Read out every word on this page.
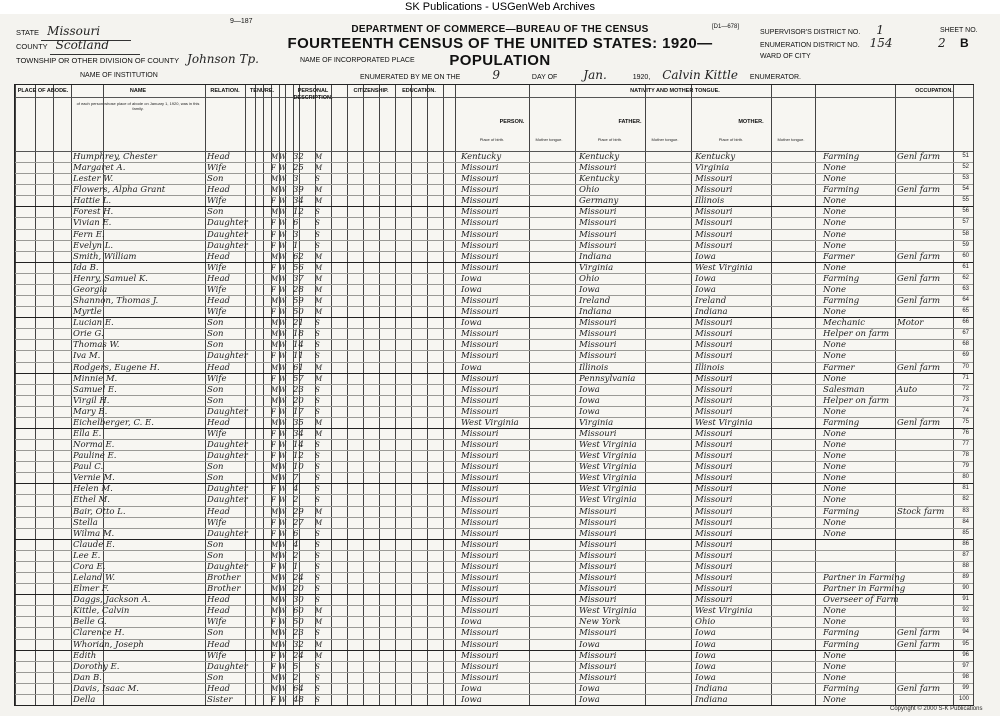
SK Publications - USGenWeb Archives
9—187
STATE Missouri
COUNTY Scotland
TOWNSHIP OR OTHER DIVISION OF COUNTY Johnson Tp.
NAME OF INSTITUTION
DEPARTMENT OF COMMERCE—BUREAU OF THE CENSUS
FOURTEENTH CENSUS OF THE UNITED STATES: 1920—POPULATION
[D1—678]
NAME OF INCORPORATED PLACE
ENUMERATED BY ME ON THE	9	DAY OF Jan.	1920, Calvin Kittle ENUMERATOR.
SUPERVISOR'S DISTRICT NO. 1	SHEET NO.
ENUMERATION DISTRICT NO. 154	2 B
WARD OF CITY
PLACE OF ABODE.	NAME	RELATION.	TENURE.	PERSONAL DESCRIPTION.
CITIZENSHIP.	EDUCATION.	NATIVITY AND MOTHER TONGUE.	OCCUPATION.
of each person whose place of abode on January 1, 1920, was in this family.
PERSON.	FATHER.	MOTHER.
Place of birth.	Mother tongue.	Place of birth.	Mother tongue.	Place of birth.	Mother tongue.
51
Humphrey, Chester	Head	M W 32	M	Kentucky	Kentucky	Kentucky	Farming	Genl farm
52
Margaret A.	Wife	F W 25	M	Missouri	Missouri	Virginia	None
53
Lester W.	Son	M W 3	S	Missouri	Kentucky	Missouri	None
54
Flowers, Alpha Grant	Head	M W 39	M	Missouri	Ohio	Missouri	Farming	Genl farm
55
Hattie L.	Wife	F W 34	M	Missouri	Germany	Illinois	None
56
Forest H.	Son	M W 12	S	Missouri	Missouri	Missouri	None
57
Vivian E.	Daughter	F W 6	S	Missouri	Missouri	Missouri	None
58
Fern E.	Daughter	F W 3	S	Missouri	Missouri	Missouri	None
59
Evelyn L.	Daughter	F W 1	S	Missouri	Missouri	Missouri	None
60
Smith, William	Head	M W 62	M	Missouri	Indiana	Iowa	Farmer	Genl farm
61
Ida B.	Wife	F W 56	M	Missouri	Virginia	West Virginia	None
62
Henry, Samuel K.	Head	M W 37	M	Iowa	Ohio	Iowa	Farming	Genl farm
63
Georgia	Wife	F W 28	M	Iowa	Iowa	Iowa	None
64
Shannon, Thomas J.	Head	M W 59	M	Missouri	Ireland	Ireland	Farming	Genl farm
65
Myrtle	Wife	F W 50	M	Missouri	Indiana	Indiana	None
66
Lucian E.	Son	M W 21	S	Iowa	Missouri	Missouri	Mechanic	Motor
67
Orie G.	Son	M W 18	S	Missouri	Missouri	Missouri	Helper on farm
68
Thomas W.	Son	M W 14	S	Missouri	Missouri	Missouri	None
69
Iva M.	Daughter	F W 11	S	Missouri	Missouri	Missouri	None
70
Rodgers, Eugene H.	Head	M W 61	M	Iowa	Illinois	Illinois	Farmer	Genl farm
71
Minnie M.	Wife	F W 57	M	Missouri	Pennsylvania	Missouri	None
72
Samuel E.	Son	M W 23	S	Missouri	Iowa	Missouri	Salesman	Auto
73
Virgil H.	Son	M W 20	S	Missouri	Iowa	Missouri	Helper on farm
74
Mary B.	Daughter	F W 17	S	Missouri	Iowa	Missouri	None
75
Eichelberger, C. E.	Head	M W 35	M	West Virginia	Virginia	West Virginia	Farming	Genl farm
76
Ella E.	Wife	F W 34	M	Missouri	Missouri	Missouri	None
77
Norma E.	Daughter	F W 14	S	Missouri	West Virginia	Missouri	None
78
Pauline E.	Daughter	F W 12	S	Missouri	West Virginia	Missouri	None
79
Paul C.	Son	M W 10	S	Missouri	West Virginia	Missouri	None
80
Vernie M.	Son	M W 7	S	Missouri	West Virginia	Missouri	None
81
Helen M.	Daughter	F W 4	S	Missouri	West Virginia	Missouri	None
82
Ethel M.	Daughter	F W 2	S	Missouri	West Virginia	Missouri	None
83
Bair, Otto L.	Head	M W 29	M	Missouri	Missouri	Missouri	Farming	Stock farm
84
Stella	Wife	F W 27	M	Missouri	Missouri	Missouri	None
85
Wilma M.	Daughter	F W 6	S	Missouri	Missouri	Missouri	None
86
Claude E.	Son	M W 4	S	Missouri	Missouri	Missouri
87
Lee E.	Son	M W 2	S	Missouri	Missouri	Missouri
88
Cora E.	Daughter	F W 1	S	Missouri	Missouri	Missouri
89
Leland W.	Brother	M W 24	S	Missouri	Missouri	Missouri	Partner in Farming
90
Elmer F.	Brother	M W 20	S	Missouri	Missouri	Missouri	Partner in Farming
91
Daggs, Jackson A.	Head	M W 30	S	Missouri	Missouri	Missouri	Overseer of Farm
92
Kittle, Calvin	Head	M W 60	M	Missouri	West Virginia	West Virginia	None
93
Belle G.	Wife	F W 50	M	Iowa	New York	Ohio	None
94
Clarence H.	Son	M W 23	S	Missouri	Missouri	Iowa	Farming	Genl farm
95
Whorian, Joseph	Head	M W 32	M	Missouri	Iowa	Iowa	Farming	Genl farm
96
Edith	Wife	F W 24	M	Missouri	Missouri	Iowa	None
97
Dorothy E.	Daughter	F W 5	S	Missouri	Missouri	Iowa	None
98
Dan B.	Son	M W 2	S	Missouri	Missouri	Iowa	None
99
Davis, Isaac M.	Head	M W 64	S	Iowa	Iowa	Indiana	Farming	Genl farm
100
Della	Sister	F W 48	S	Iowa	Iowa	Indiana	None
Copyright © 2000 S-K Publications
